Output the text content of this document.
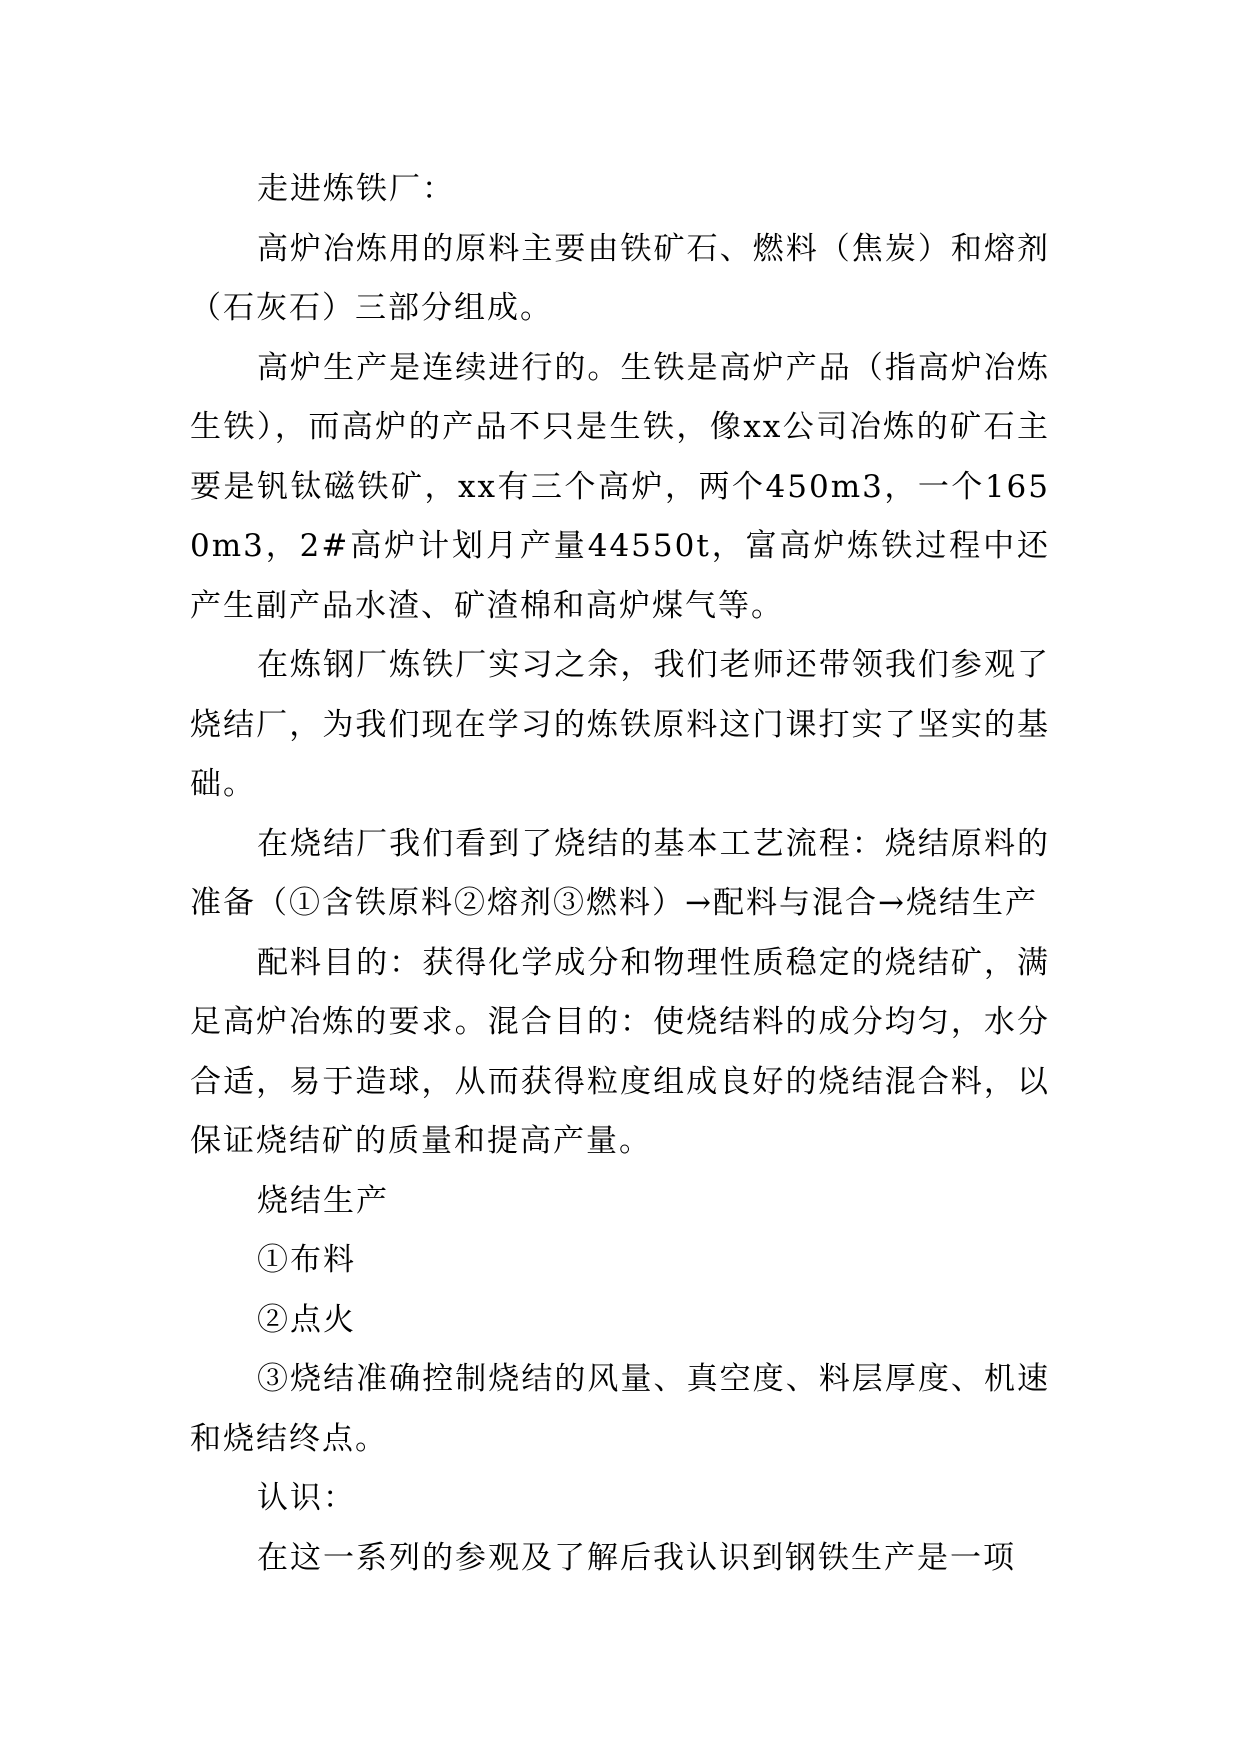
走进炼铁厂：

高炉冶炼用的原料主要由铁矿石、燃料（焦炭）和熔剂（石灰石）三部分组成。

高炉生产是连续进行的。生铁是高炉产品（指高炉冶炼生铁），而高炉的产品不只是生铁，像xx公司冶炼的矿石主要是钒钛磁铁矿，xx有三个高炉，两个450m3，一个1650m3，2#高炉计划月产量44550t，富高炉炼铁过程中还产生副产品水渣、矿渣棉和高炉煤气等。

在炼钢厂炼铁厂实习之余，我们老师还带领我们参观了烧结厂，为我们现在学习的炼铁原料这门课打实了坚实的基础。

在烧结厂我们看到了烧结的基本工艺流程：烧结原料的准备（①含铁原料②熔剂③燃料）→配料与混合→烧结生产

配料目的：获得化学成分和物理性质稳定的烧结矿，满足高炉冶炼的要求。混合目的：使烧结料的成分均匀，水分合适，易于造球，从而获得粒度组成良好的烧结混合料，以保证烧结矿的质量和提高产量。

烧结生产

①布料

②点火

③烧结准确控制烧结的风量、真空度、料层厚度、机速和烧结终点。

认识：

在这一系列的参观及了解后我认识到钢铁生产是一项
